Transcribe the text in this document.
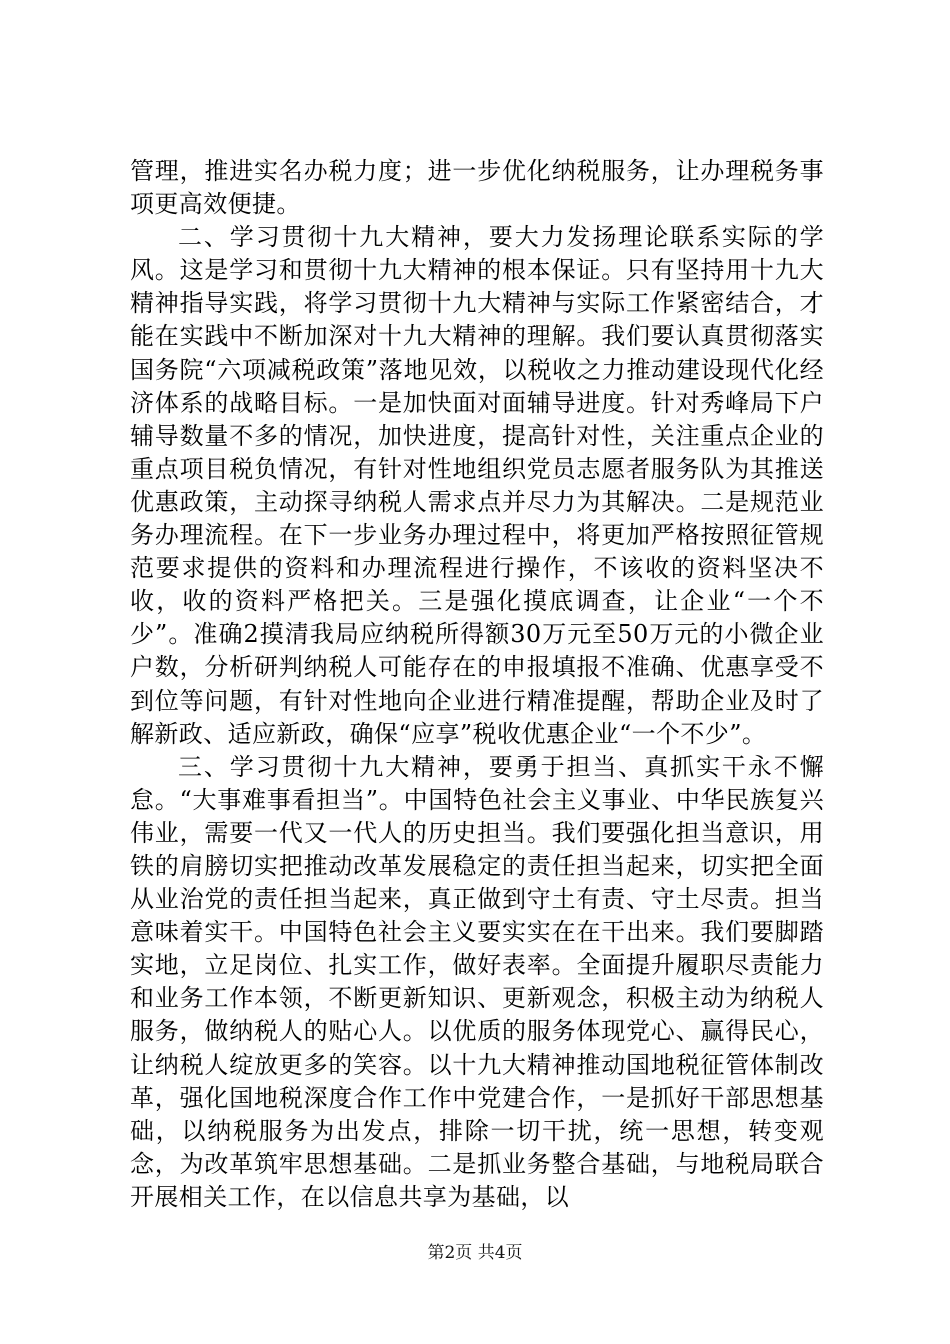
管理，推进实名办税力度；进一步优化纳税服务，让办理税务事项更高效便捷。

二、学习贯彻十九大精神，要大力发扬理论联系实际的学风。这是学习和贯彻十九大精神的根本保证。只有坚持用十九大精神指导实践，将学习贯彻十九大精神与实际工作紧密结合，才能在实践中不断加深对十九大精神的理解。我们要认真贯彻落实国务院“六项减税政策”落地见效，以税收之力推动建设现代化经济体系的战略目标。一是加快面对面辅导进度。针对秀峰局下户辅导数量不多的情况，加快进度，提高针对性，关注重点企业的重点项目税负情况，有针对性地组织党员志愿者服务队为其推送优惠政策，主动探寻纳税人需求点并尽力为其解决。二是规范业务办理流程。在下一步业务办理过程中，将更加严格按照征管规范要求提供的资料和办理流程进行操作，不该收的资料坚决不收，收的资料严格把关。三是强化摸底调查，让企业“一个不少”。准确2摸清我局应纳税所得额30万元至50万元的小微企业户数，分析研判纳税人可能存在的申报填报不准确、优惠享受不到位等问题，有针对性地向企业进行精准提醒，帮助企业及时了解新政、适应新政，确保“应享”税收优惠企业“一个不少”。

三、学习贯彻十九大精神，要勇于担当、真抓实干永不懈怠。“大事难事看担当”。中国特色社会主义事业、中华民族复兴伟业，需要一代又一代人的历史担当。我们要强化担当意识，用铁的肩膀切实把推动改革发展稳定的责任担当起来，切实把全面从业治党的责任担当起来，真正做到守土有责、守土尽责。担当意味着实干。中国特色社会主义要实实在在干出来。我们要脚踏实地，立足岗位、扎实工作，做好表率。全面提升履职尽责能力和业务工作本领，不断更新知识、更新观念，积极主动为纳税人服务，做纳税人的贴心人。以优质的服务体现党心、赢得民心，让纳税人绽放更多的笑容。以十九大精神推动国地税征管体制改革，强化国地税深度合作工作中党建合作，一是抓好干部思想基础，以纳税服务为出发点，排除一切干扰，统一思想，转变观念，为改革筑牢思想基础。二是抓业务整合基础，与地税局联合开展相关工作，在以信息共享为基础，以

第2页 共4页
